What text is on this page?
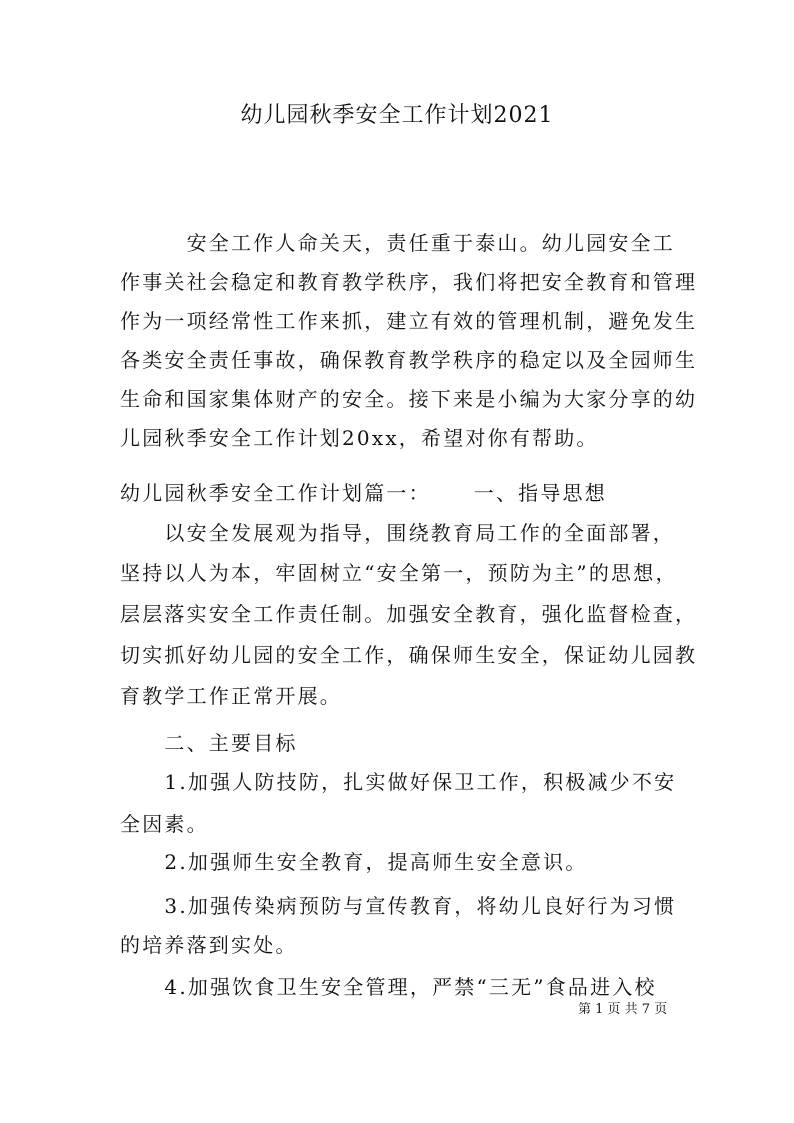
幼儿园秋季安全工作计划2021
　　　安全工作人命关天，责任重于泰山。幼儿园安全工
作事关社会稳定和教育教学秩序，我们将把安全教育和管理
作为一项经常性工作来抓，建立有效的管理机制，避免发生
各类安全责任事故，确保教育教学秩序的稳定以及全园师生
生命和国家集体财产的安全。接下来是小编为大家分享的幼
儿园秋季安全工作计划20xx，希望对你有帮助。
幼儿园秋季安全工作计划篇一：　　 一、指导思想
　　以安全发展观为指导，围绕教育局工作的全面部署，
坚持以人为本，牢固树立“安全第一，预防为主”的思想，
层层落实安全工作责任制。加强安全教育，强化监督检查，
切实抓好幼儿园的安全工作，确保师生安全，保证幼儿园教
育教学工作正常开展。
　　二、主要目标
　　1.加强人防技防，扎实做好保卫工作，积极减少不安
全因素。
　　2.加强师生安全教育，提高师生安全意识。
　　3.加强传染病预防与宣传教育，将幼儿良好行为习惯
的培养落到实处。
　　4.加强饮食卫生安全管理，严禁“三无”食品进入校
第 1 页 共 7 页
